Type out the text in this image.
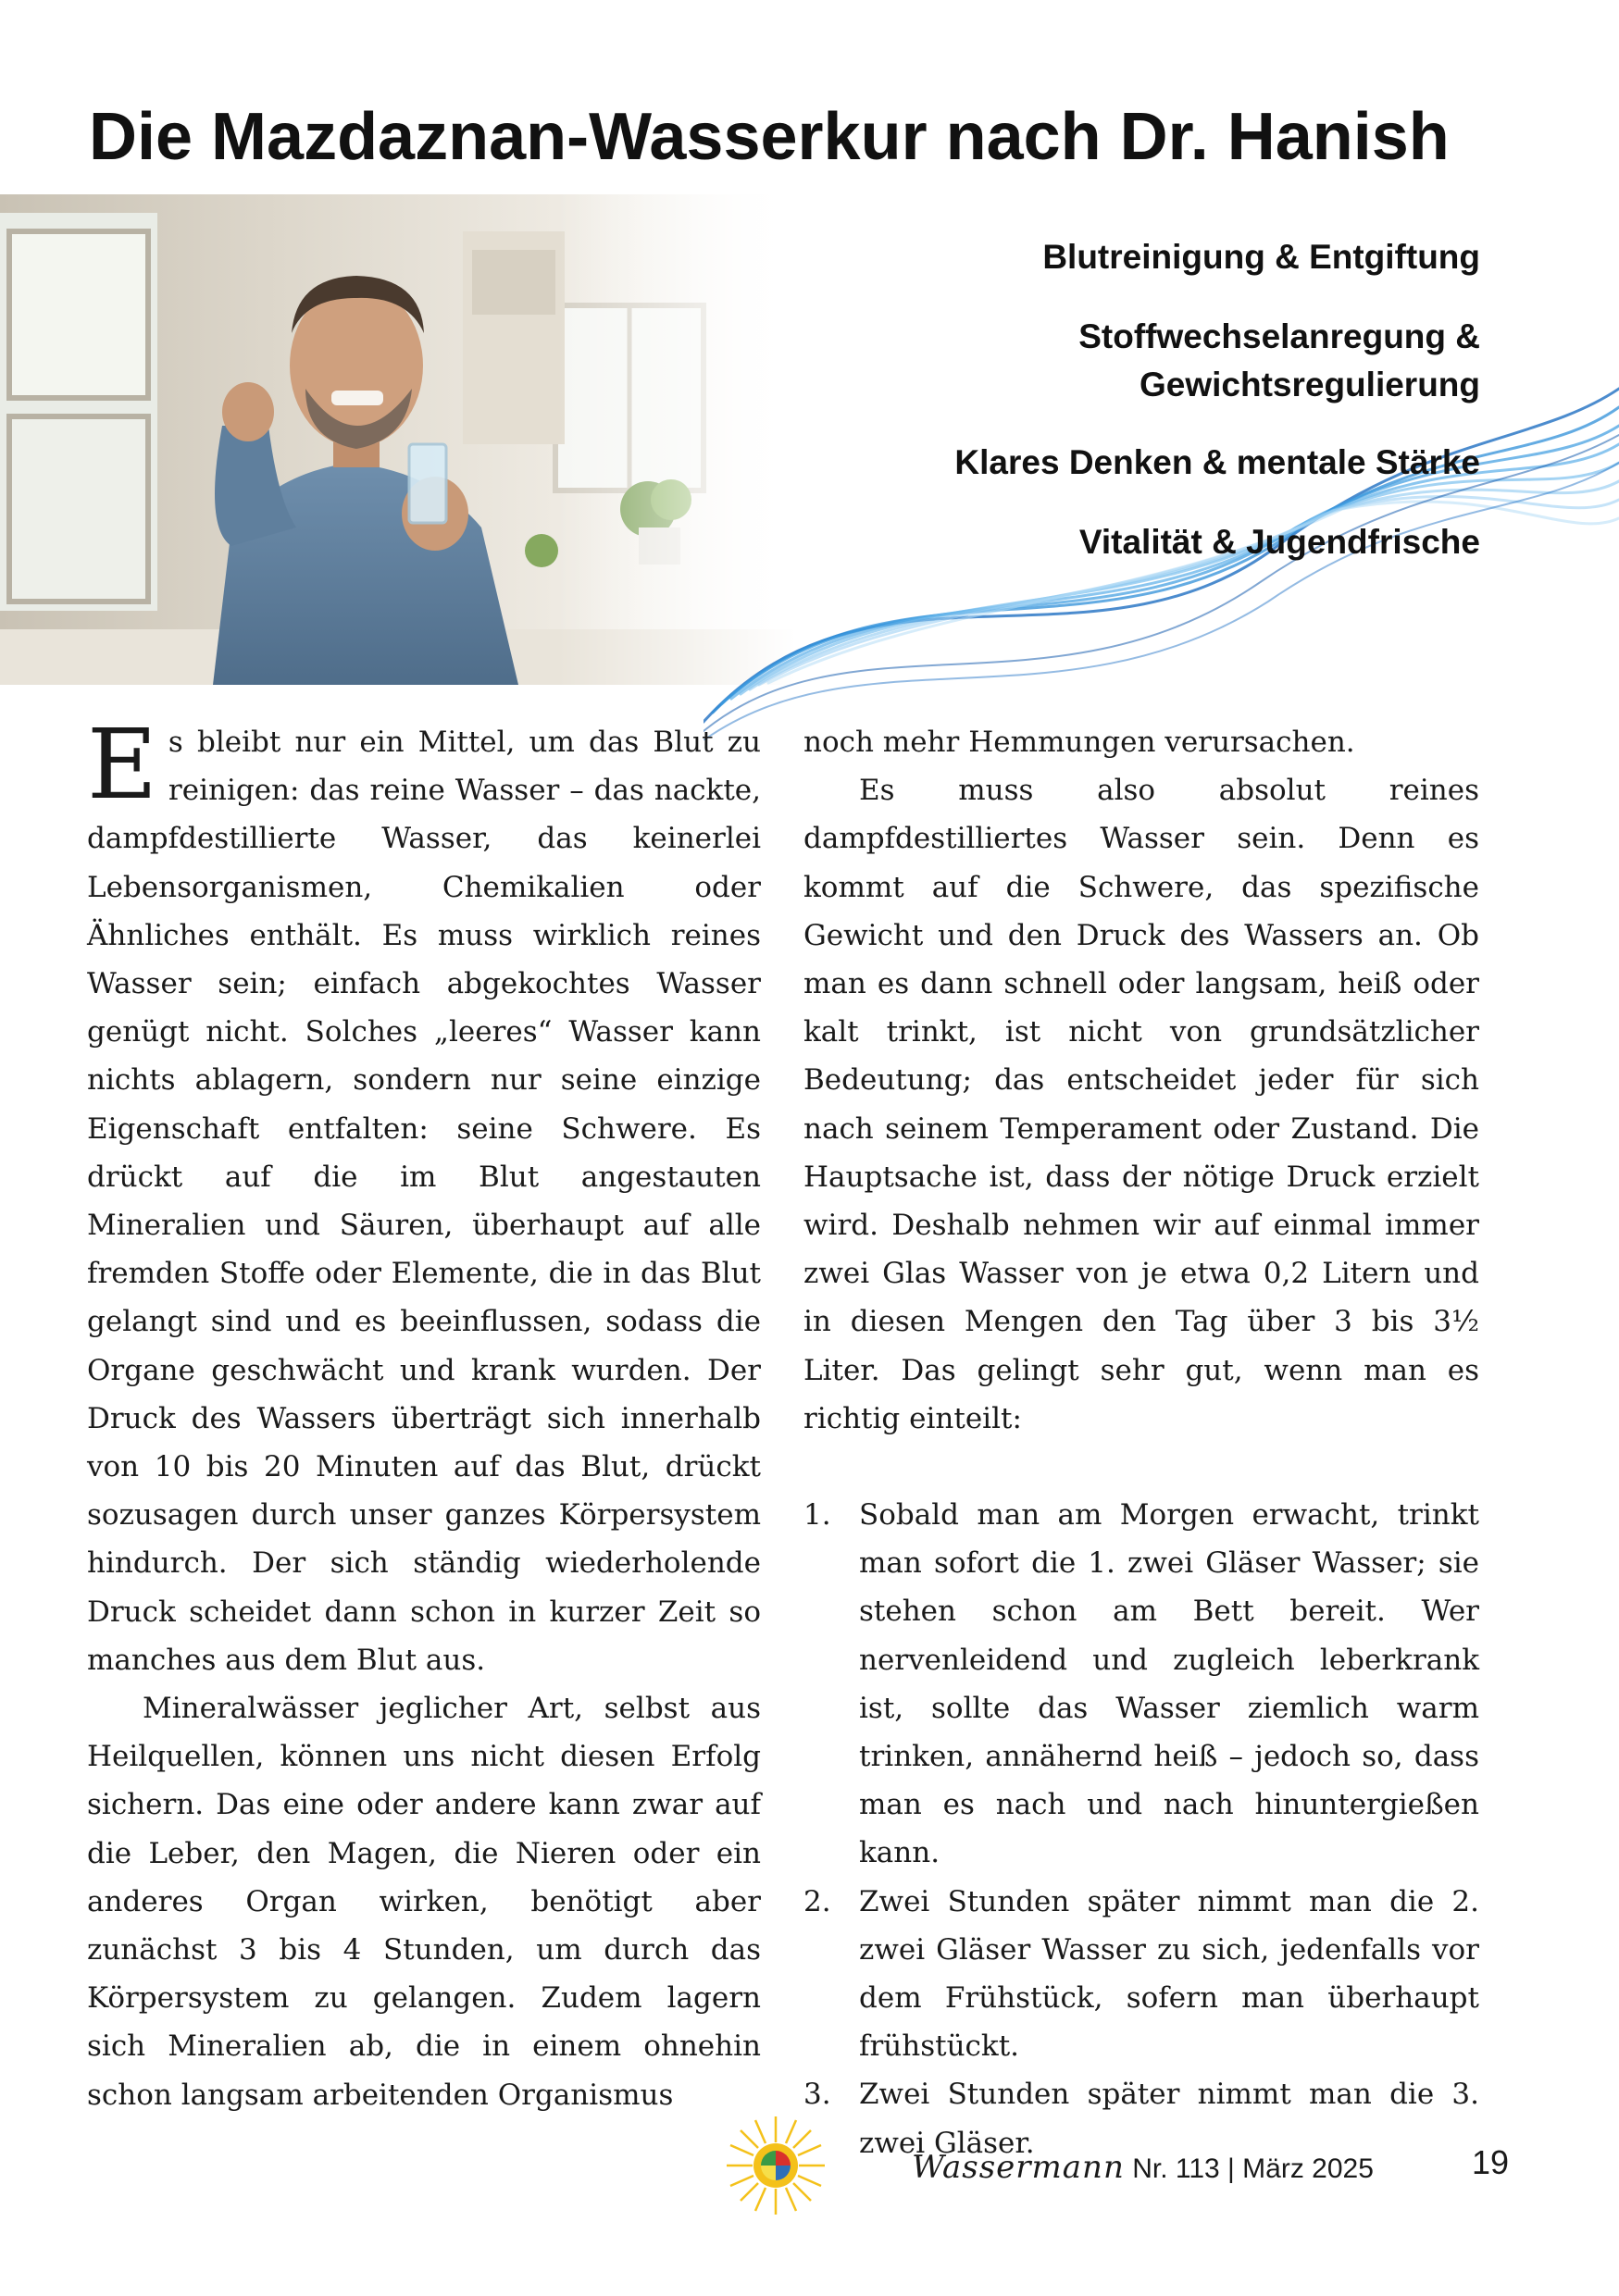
Die Mazdaznan-Wasserkur nach Dr. Hanish
Blutreinigung & Entgiftung
Stoffwechselanregung & Gewichtsregulierung
Klares Denken & mentale Stärke
Vitalität & Jugendfrische

Es bleibt nur ein Mittel, um das Blut zu reinigen: das reine Wasser – das nackte, dampfdestillierte Wasser, das keinerlei Lebensorganismen, Chemikalien oder Ähnliches enthält. Es muss wirklich reines Wasser sein; einfach abgekochtes Wasser genügt nicht. Solches „leeres“ Wasser kann nichts ablagern, sondern nur seine einzige Eigenschaft entfalten: seine Schwere. Es drückt auf die im Blut angestauten Mineralien und Säuren, überhaupt auf alle fremden Stoffe oder Elemente, die in das Blut gelangt sind und es beeinflussen, sodass die Organe geschwächt und krank wurden. Der Druck des Wassers überträgt sich innerhalb von 10 bis 20 Minuten auf das Blut, drückt sozusagen durch unser ganzes Körpersystem hindurch. Der sich ständig wiederholende Druck scheidet dann schon in kurzer Zeit so manches aus dem Blut aus.

Mineralwässer jeglicher Art, selbst aus Heilquellen, können uns nicht diesen Erfolg sichern. Das eine oder andere kann zwar auf die Leber, den Magen, die Nieren oder ein anderes Organ wirken, benötigt aber zunächst 3 bis 4 Stunden, um durch das Körpersystem zu gelangen. Zudem lagern sich Mineralien ab, die in einem ohnehin schon langsam arbeitenden Organismus

noch mehr Hemmungen verursachen.

Es muss also absolut reines dampfdestilliertes Wasser sein. Denn es kommt auf die Schwere, das spezifische Gewicht und den Druck des Wassers an. Ob man es dann schnell oder langsam, heiß oder kalt trinkt, ist nicht von grundsätzlicher Bedeutung; das entscheidet jeder für sich nach seinem Temperament oder Zustand. Die Hauptsache ist, dass der nötige Druck erzielt wird. Deshalb nehmen wir auf einmal immer zwei Glas Wasser von je etwa 0,2 Litern und in diesen Mengen den Tag über 3 bis 3½ Liter. Das gelingt sehr gut, wenn man es richtig einteilt:

1. Sobald man am Morgen erwacht, trinkt man sofort die 1. zwei Gläser Wasser; sie stehen schon am Bett bereit. Wer nervenleidend und zugleich leberkrank ist, sollte das Wasser ziemlich warm trinken, annähernd heiß – jedoch so, dass man es nach und nach hinuntergießen kann.
2. Zwei Stunden später nimmt man die 2. zwei Gläser Wasser zu sich, jedenfalls vor dem Frühstück, sofern man überhaupt frühstückt.
3. Zwei Stunden später nimmt man die 3. zwei Gläser.
Wassermann Nr. 113 | März 2025	19
